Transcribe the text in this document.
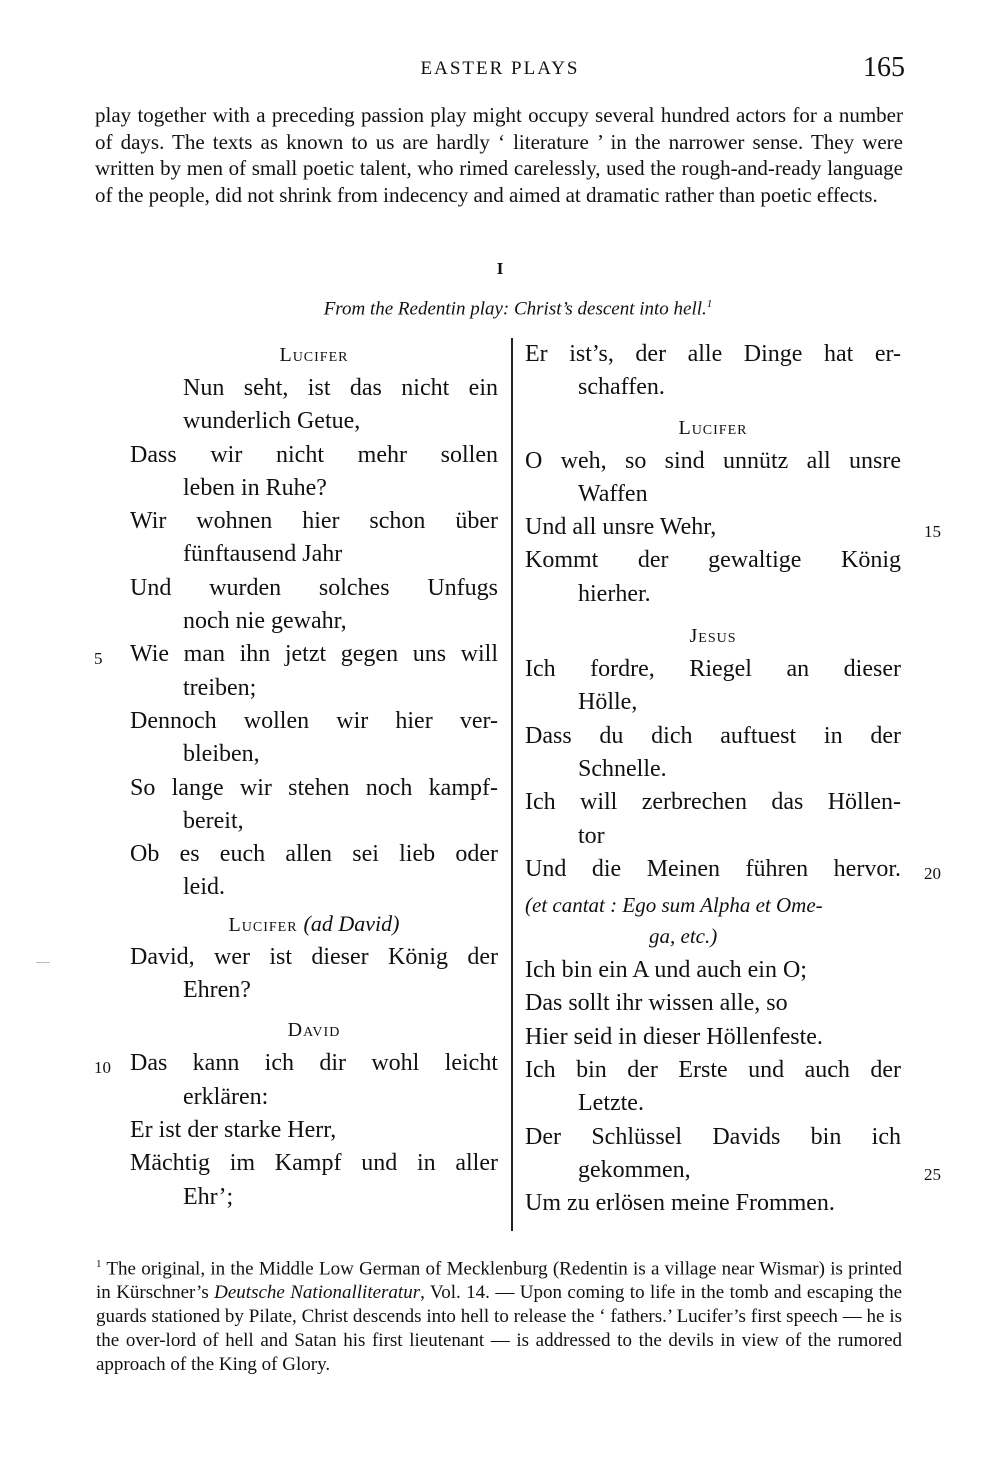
EASTER PLAYS	165

play together with a preceding passion play might occupy several hundred actors for a number of days. The texts as known to us are hardly ‘ literature ’ in the narrower sense. They were written by men of small poetic talent, who rimed carelessly, used the rough-and-ready language of the people, did not shrink from indecency and aimed at dramatic rather than poetic effects.

I
From the Redentin play: Christ’s descent into hell.$^1$
Lucifer
Nun seht, ist das nicht ein
wunderlich Getue,
Dass wir nicht mehr sollen
leben in Ruhe?
Wir wohnen hier schon über
fünftausend Jahr
Und wurden solches Unfugs
noch nie gewahr,
5 Wie man ihn jetzt gegen uns will
treiben;
Dennoch wollen wir hier ver-
bleiben,
So lange wir stehen noch kampf-
bereit,
Ob es euch allen sei lieb oder
leid.
Lucifer (ad David)
David, wer ist dieser König der
Ehren?
David
10 Das kann ich dir wohl leicht
erklären:
Er ist der starke Herr,
Mächtig im Kampf und in aller
Ehr’;
Er ist’s, der alle Dinge hat er-
schaffen.
Lucifer
O weh, so sind unnütz all unsre
Waffen
Und all unsre Wehr,	15
Kommt der gewaltige König
hierher.
Jesus
Ich fordre, Riegel an dieser
Hölle,
Dass du dich auftuest in der
Schnelle.
Ich will zerbrechen das Höllen-
tor
Und die Meinen führen hervor. 20
(et cantat : Ego sum Alpha et Ome-
ga, etc.)
Ich bin ein A und auch ein O;
Das sollt ihr wissen alle, so
Hier seid in dieser Höllenfeste.
Ich bin der Erste und auch der
Letzte.
Der Schlüssel Davids bin ich
gekommen,	25
Um zu erlösen meine Frommen.

$^1$ The original, in the Middle Low German of Mecklenburg (Redentin is a village near Wismar) is printed in Kürschner’s Deutsche Nationalliteratur, Vol. 14. — Upon coming to life in the tomb and escaping the guards stationed by Pilate, Christ descends into hell to release the ‘ fathers.’ Lucifer’s first speech — he is the over-lord of hell and Satan his first lieutenant — is addressed to the devils in view of the rumored approach of the King of Glory.
